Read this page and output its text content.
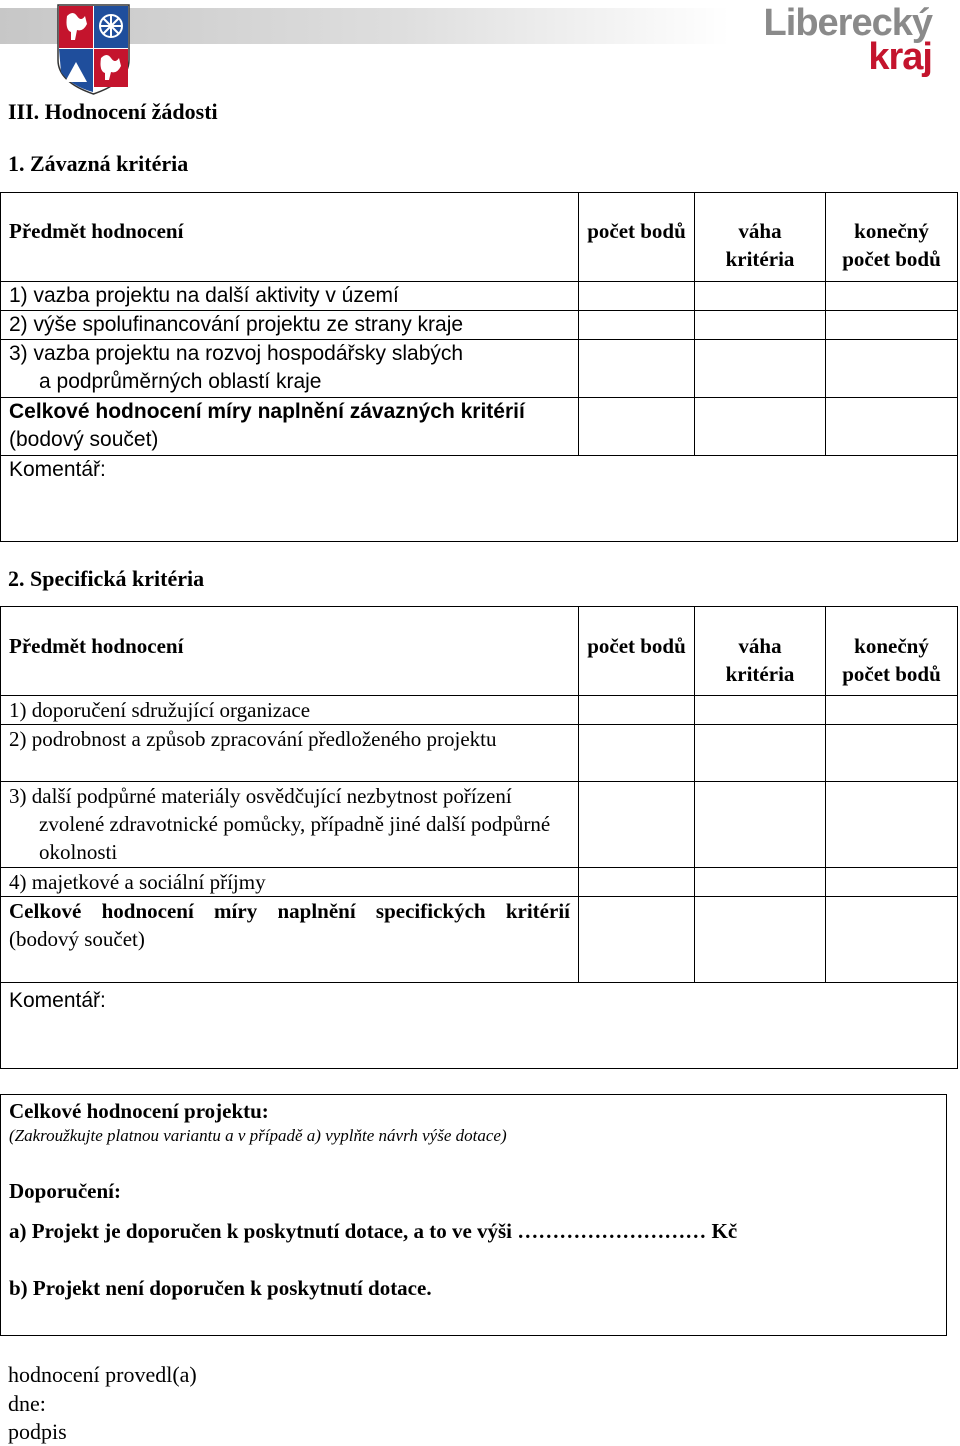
Liberecký
kraj
III. Hodnocení žádosti
1. Závazná kritéria
Předmět hodnocení	počet bodů	váha kritéria	konečný počet bodů
1) vazba projektu na další aktivity v území			
2) výše spolufinancování projektu ze strany kraje			

3) vazba projektu na rozvoj hospodářsky slabých
a podprůměrných oblastí kraje			

Celkové hodnocení míry naplnění závazných kritérií
(bodový součet)			

Komentář:			
2. Specifická kritéria
Předmět hodnocení	počet bodů	váha kritéria	konečný počet bodů
1) doporučení sdružující organizace			
2) podrobnost a způsob zpracování předloženého projektu			
3) další podpůrné materiály osvědčující nezbytnost pořízení zvolené zdravotnické pomůcky, případně jiné další podpůrné okolnosti			
4) majetkové a sociální příjmy			
Celkové hodnocení míry naplnění specifických kritérií (bodový součet)			
Komentář:			
Celkové hodnocení projektu:
(Zakroužkujte platnou variantu a v případě a) vyplňte návrh výše dotace)
Doporučení:
a) Projekt je doporučen k poskytnutí dotace, a to ve výši ……………………… Kč
b) Projekt není doporučen k poskytnutí dotace.
hodnocení provedl(a)
dne:
podpis
